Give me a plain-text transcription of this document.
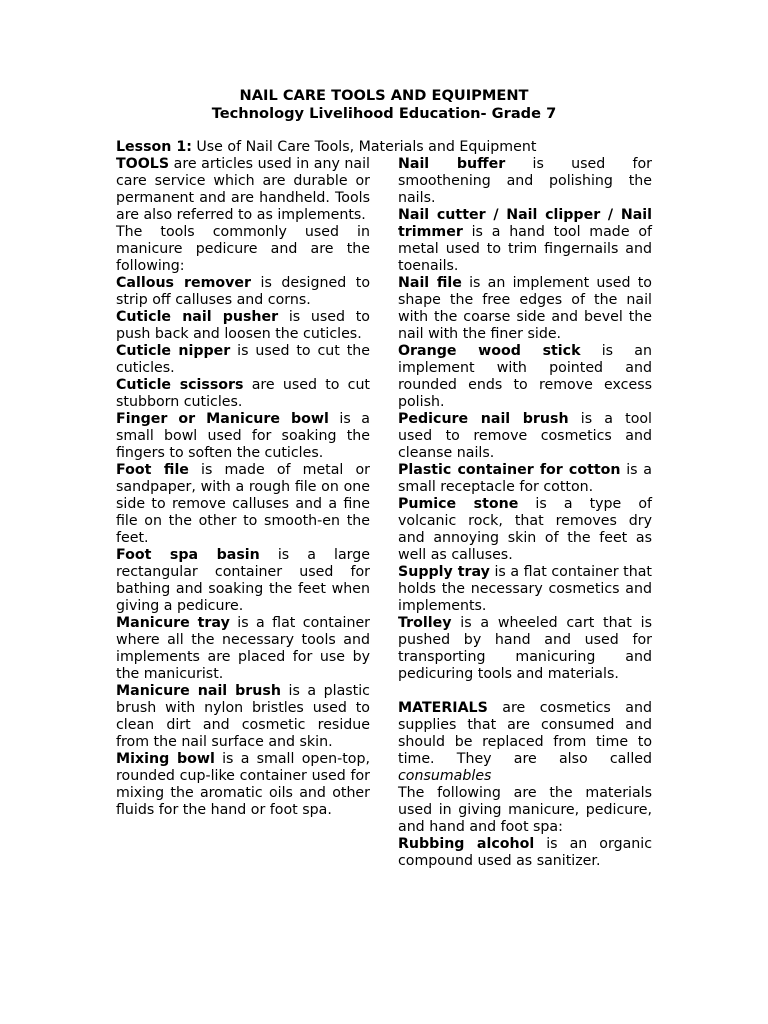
NAIL CARE TOOLS AND EQUIPMENT

Technology Livelihood Education- Grade 7

Lesson 1: Use of Nail Care Tools, Materials and Equipment

TOOLS are articles used in any nail care service which are durable or permanent and are handheld. Tools are also referred to as implements.

The tools commonly used in manicure pedicure and are the following:

Callous remover is designed to strip off calluses and corns.

Cuticle nail pusher is used to push back and loosen the cuticles.

Cuticle nipper is used to cut the cuticles.

Cuticle scissors are used to cut stubborn cuticles.

Finger or Manicure bowl is a small bowl used for soaking the fingers to soften the cuticles.

Foot file is made of metal or sandpaper, with a rough file on one side to remove calluses and a fine file on the other to smooth-en the feet.

Foot spa basin is a large rectangular container used for bathing and soaking the feet when giving a pedicure.

Manicure tray is a flat container where all the necessary tools and implements are placed for use by the manicurist.

Manicure nail brush is a plastic brush with nylon bristles used to clean dirt and cosmetic residue from the nail surface and skin.

Mixing bowl is a small open-top, rounded cup-like container used for mixing the aromatic oils and other fluids for the hand or foot spa.

Nail buffer is used for smoothening and polishing the nails.

Nail cutter / Nail clipper / Nail trimmer is a hand tool made of metal used to trim fingernails and toenails.

Nail file is an implement used to shape the free edges of the nail with the coarse side and bevel the nail with the finer side.

Orange wood stick is an implement with pointed and rounded ends to remove excess polish.

Pedicure nail brush is a tool used to remove cosmetics and cleanse nails.

Plastic container for cotton is a small receptacle for cotton.

Pumice stone is a type of volcanic rock, that removes dry and annoying skin of the feet as well as calluses.

Supply tray is a flat container that holds the necessary cosmetics and implements.

Trolley is a wheeled cart that is pushed by hand and used for transporting manicuring and pedicuring tools and materials.

MATERIALS are cosmetics and supplies that are consumed and should be replaced from time to time. They are also called consumables

The following are the materials used in giving manicure, pedicure, and hand and foot spa:

Rubbing alcohol is an organic compound used as sanitizer.
